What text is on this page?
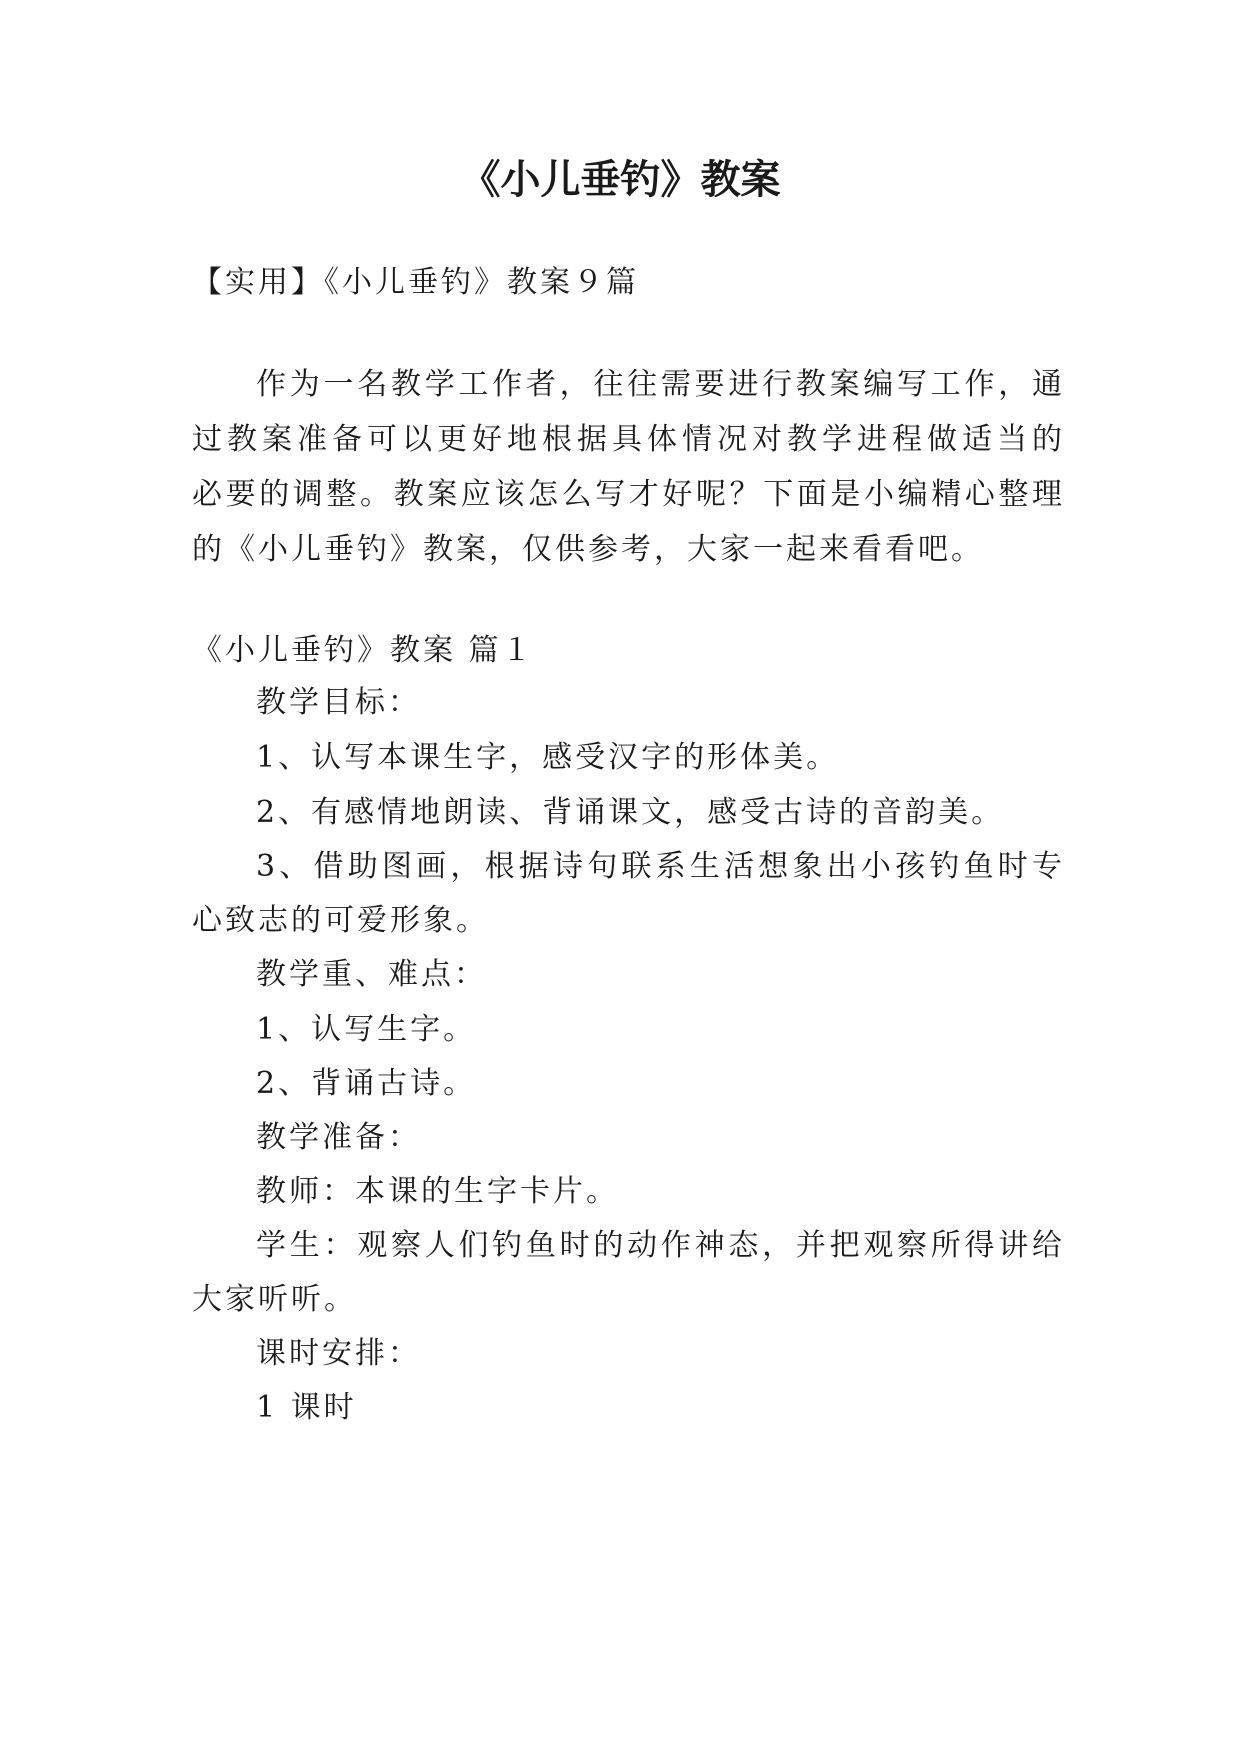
《小儿垂钓》教案

【实用】《小儿垂钓》教案９篇

作为一名教学工作者，往往需要进行教案编写工作，通

过教案准备可以更好地根据具体情况对教学进程做适当的

必要的调整。教案应该怎么写才好呢？下面是小编精心整理

的《小儿垂钓》教案，仅供参考，大家一起来看看吧。

《小儿垂钓》教案 篇１

教学目标：

1、认写本课生字，感受汉字的形体美。

2、有感情地朗读、背诵课文，感受古诗的音韵美。

3、借助图画，根据诗句联系生活想象出小孩钓鱼时专

心致志的可爱形象。

教学重、难点：

1、认写生字。

2、背诵古诗。

教学准备：

教师：本课的生字卡片。

学生：观察人们钓鱼时的动作神态，并把观察所得讲给

大家听听。

课时安排：

1 课时
